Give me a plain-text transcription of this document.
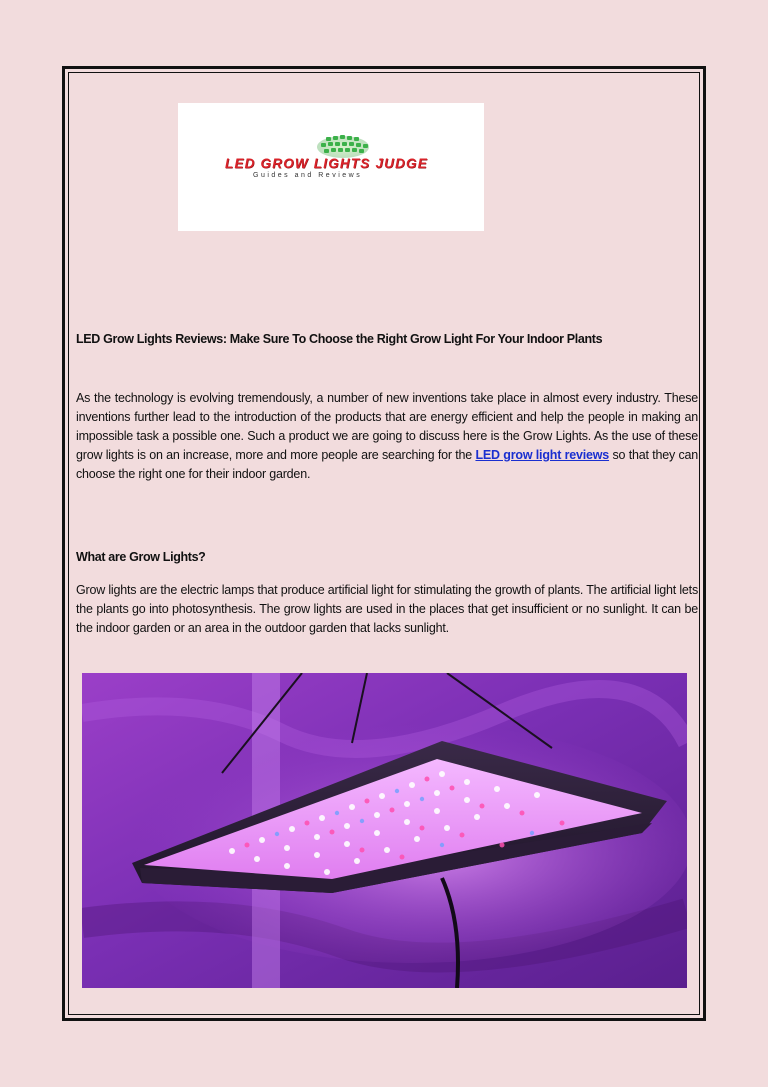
LED GROW LIGHTS JUDGE
Guides and Reviews
LED Grow Lights Reviews: Make Sure To Choose the Right Grow Light For Your Indoor Plants

As the technology is evolving tremendously, a number of new inventions take place in almost every industry. These inventions further lead to the introduction of the products that are energy efficient and help the people in making an impossible task a possible one. Such a product we are going to discuss here is the Grow Lights. As the use of these grow lights is on an increase, more and more people are searching for the LED grow light reviews so that they can choose the right one for their indoor garden.

What are Grow Lights?

Grow lights are the electric lamps that produce artificial light for stimulating the growth of plants. The artificial light lets the plants go into photosynthesis. The grow lights are used in the places that get insufficient or no sunlight. It can be the indoor garden or an area in the outdoor garden that lacks sunlight.
